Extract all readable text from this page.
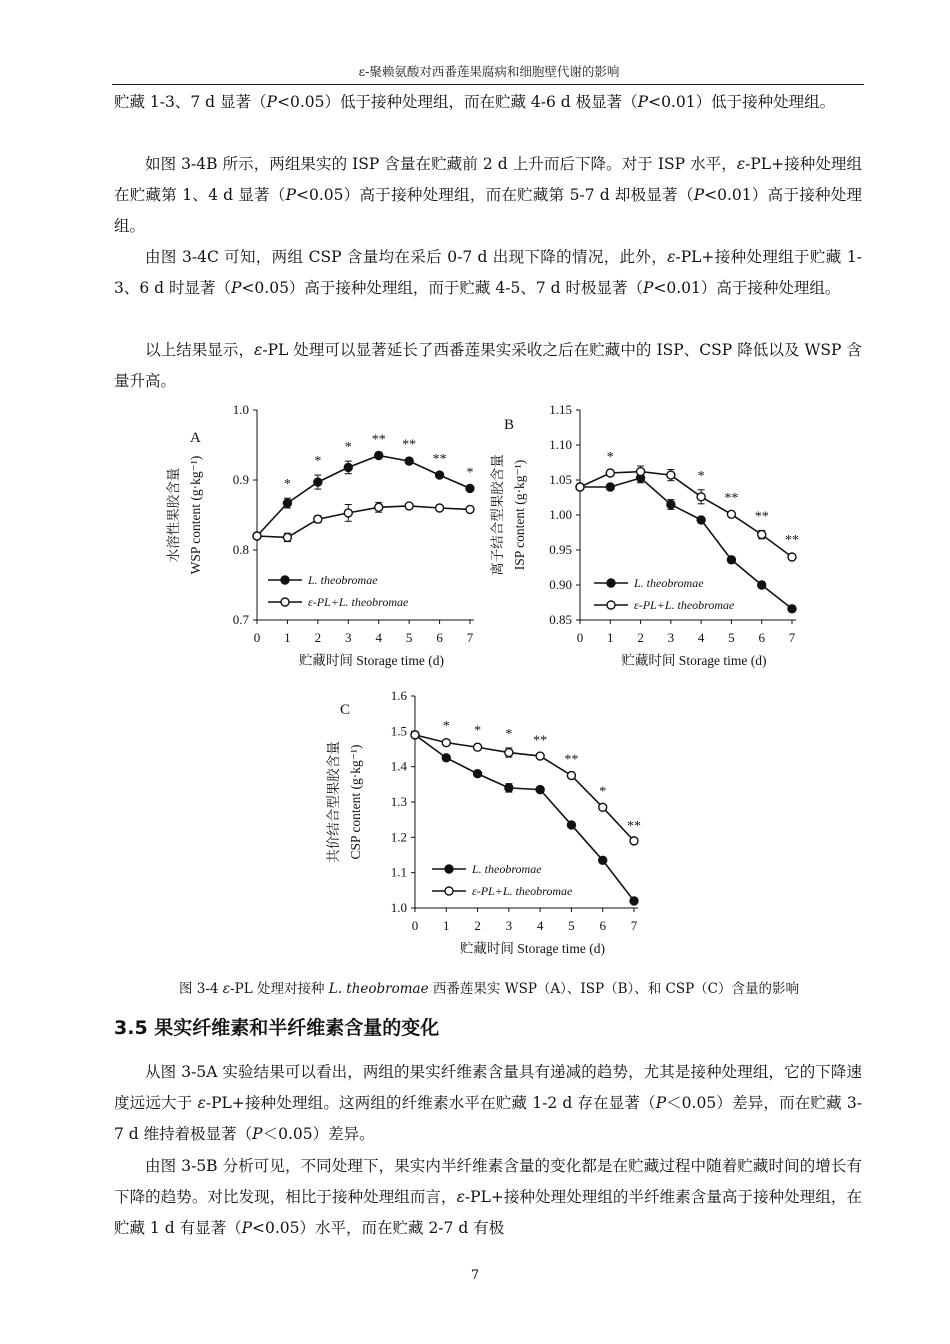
ε-聚赖氨酸对西番莲果腐病和细胞壁代谢的影响

贮藏 1-3、7 d 显著（P<0.05）低于接种处理组，而在贮藏 4-6 d 极显著（P<0.01）低于接种处理组。

如图 3-4B 所示，两组果实的 ISP 含量在贮藏前 2 d 上升而后下降。对于 ISP 水平，ε-PL+接种处理组在贮藏第 1、4 d 显著（P<0.05）高于接种处理组，而在贮藏第 5-7 d 却极显著（P<0.01）高于接种处理组。

由图 3-4C 可知，两组 CSP 含量均在采后 0-7 d 出现下降的情况，此外，ε-PL+接种处理组于贮藏 1-3、6 d 时显著（P<0.05）高于接种处理组，而于贮藏 4-5、7 d 时极显著（P<0.01）高于接种处理组。

以上结果显示，ε-PL 处理可以显著延长了西番莲果实采收之后在贮藏中的 ISP、CSP 降低以及 WSP 含量升高。

0.7
0.8
0.9
1.0
0 1 2 3 4 5 6 7
贮藏时间 Storage time (d)
水溶性果胶含量 WSP content (g·kg⁻¹)
A
*
*
*
** **
**
*
L. theobromae
ε-PL+L. theobromae
0.85
0.90
0.95
1.00
1.05
1.10
1.15
0 1 2 3 4 5 6 7
贮藏时间 Storage time (d)
离子结合型果胶含量 ISP content (g·kg⁻¹)
B
*
*
**
**
**
L. theobromae
ε-PL+L. theobromae
1.0
1.1
1.2
1.3
1.4
1.5
1.6
0 1 2 3 4 5 6 7
贮藏时间 Storage time (d)
共价结合型果胶含量 CSP content (g·kg⁻¹)
C
* * * **
**
*
**
L. theobromae
ε-PL+L. theobromae
图 3-4 ε-PL 处理对接种 L. theobromae 西番莲果实 WSP（A）、ISP（B）、和 CSP（C）含量的影响
3.5 果实纤维素和半纤维素含量的变化

从图 3-5A 实验结果可以看出，两组的果实纤维素含量具有递减的趋势，尤其是接种处理组，它的下降速度远远大于 ε-PL+接种处理组。这两组的纤维素水平在贮藏 1-2 d 存在显著（P＜0.05）差异，而在贮藏 3-7 d 维持着极显著（P＜0.05）差异。

由图 3-5B 分析可见，不同处理下，果实内半纤维素含量的变化都是在贮藏过程中随着贮藏时间的增长有下降的趋势。对比发现，相比于接种处理组而言，ε-PL+接种处理处理组的半纤维素含量高于接种处理组，在贮藏 1 d 有显著（P<0.05）水平，而在贮藏 2-7 d 有极

7
